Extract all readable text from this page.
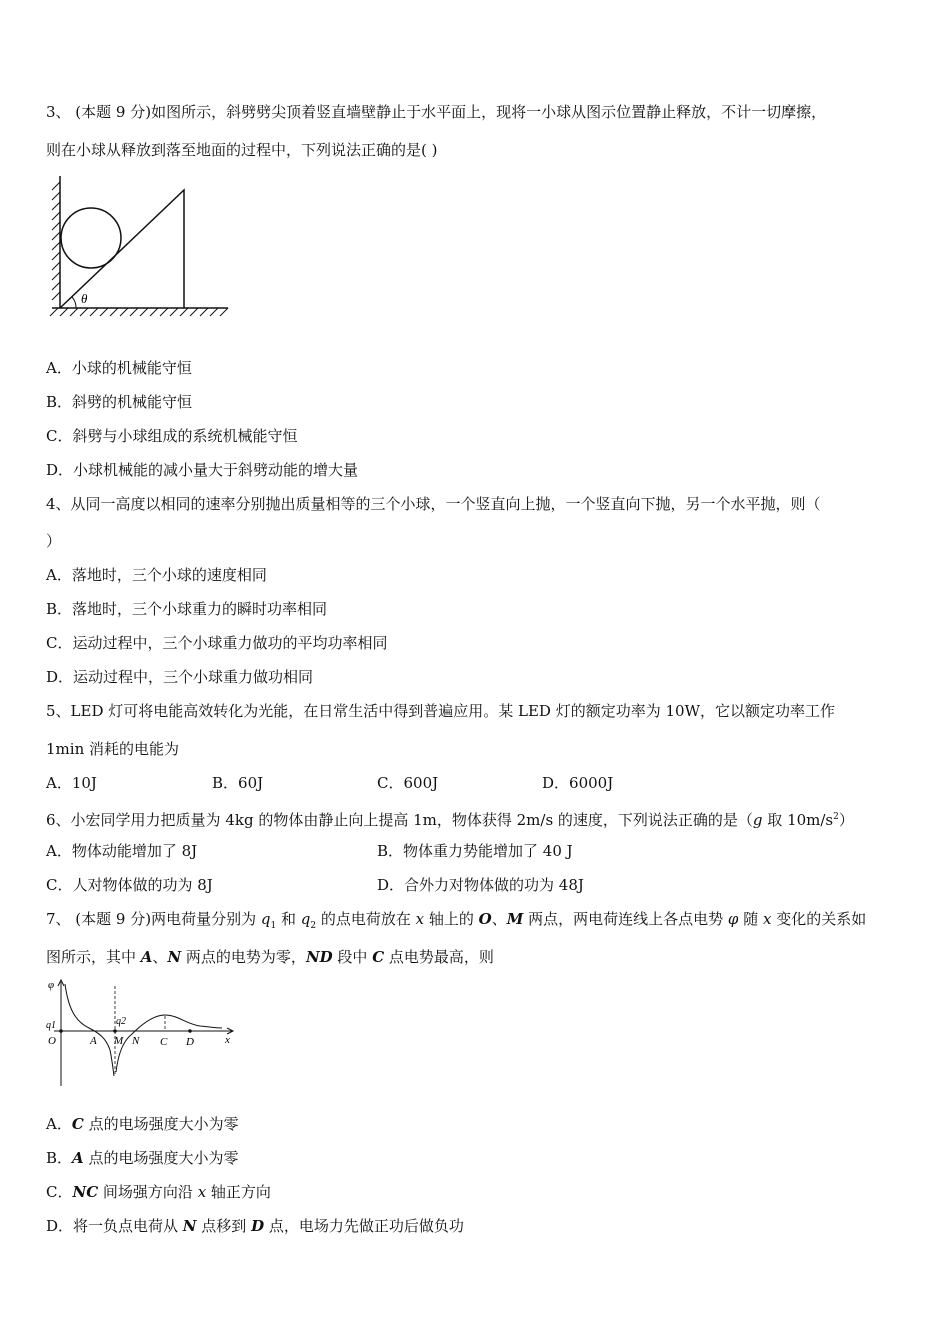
3、 (本题 9 分)如图所示，斜劈劈尖顶着竖直墙壁静止于水平面上，现将一小球从图示位置静止释放，不计一切摩擦，
则在小球从释放到落至地面的过程中，下列说法正确的是( )
θ
A．小球的机械能守恒
B．斜劈的机械能守恒
C．斜劈与小球组成的系统机械能守恒
D．小球机械能的减小量大于斜劈动能的增大量
4、从同一高度以相同的速率分别抛出质量相等的三个小球，一个竖直向上抛，一个竖直向下抛，另一个水平抛，则（
）
A．落地时，三个小球的速度相同
B．落地时，三个小球重力的瞬时功率相同
C．运动过程中，三个小球重力做功的平均功率相同
D．运动过程中，三个小球重力做功相同
5、LED 灯可将电能高效转化为光能，在日常生活中得到普遍应用。某 LED 灯的额定功率为 10W，它以额定功率工作
1min 消耗的电能为
A．10J	B．60J	C．600J	D．6000J
6、小宏同学用力把质量为 4kg 的物体由静止向上提高 1m，物体获得 2m/s 的速度，下列说法正确的是（g 取 $10m/s^2$）
A．物体动能增加了 8J	B．物体重力势能增加了 40 J
C．人对物体做的功为 8J	D．合外力对物体做的功为 48J
7、 (本题 9 分)两电荷量分别为 $q_1$ 和 $q_2$ 的点电荷放在 x 轴上的 O、M 两点，两电荷连线上各点电势 φ 随 x 变化的关系如
图所示，其中 A、N 两点的电势为零，ND 段中 C 点电势最高，则
φ
q1	q2
O	A M N C D	x
A．C 点的电场强度大小为零
B．A 点的电场强度大小为零
C．NC 间场强方向沿 x 轴正方向
D．将一负点电荷从 N 点移到 D 点，电场力先做正功后做负功
